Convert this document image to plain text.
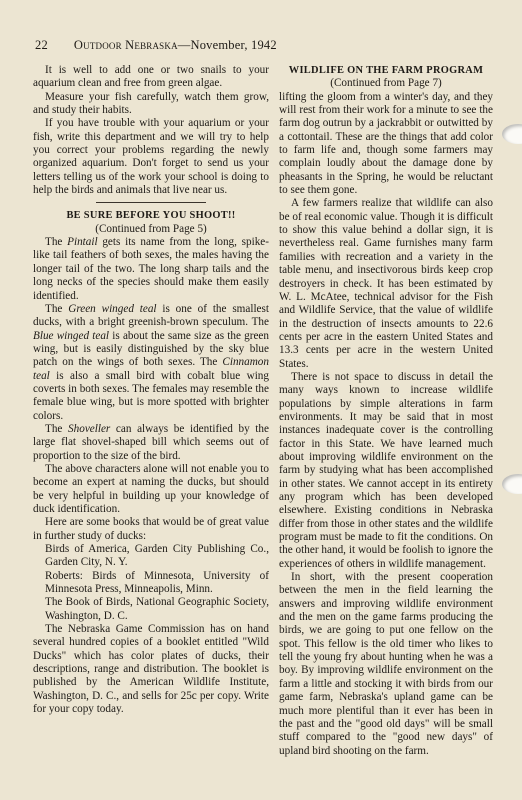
22 Outdoor Nebraska—November, 1942

It is well to add one or two snails to your aquarium clean and free from green algae.

Measure your fish carefully, watch them grow, and study their habits.

If you have trouble with your aquarium or your fish, write this department and we will try to help you correct your problems regarding the newly organized aquarium. Don't forget to send us your letters telling us of the work your school is doing to help the birds and animals that live near us.

BE SURE BEFORE YOU SHOOT!!

(Continued from Page 5)

The Pintail gets its name from the long, spike-like tail feathers of both sexes, the males having the longer tail of the two. The long sharp tails and the long necks of the species should make them easily identified.

The Green winged teal is one of the smallest ducks, with a bright greenish-brown speculum. The Blue winged teal is about the same size as the green wing, but is easily distinguished by the sky blue patch on the wings of both sexes. The Cinnamon teal is also a small bird with cobalt blue wing coverts in both sexes. The females may resemble the female blue wing, but is more spotted with brighter colors.

The Shoveller can always be identified by the large flat shovel-shaped bill which seems out of proportion to the size of the bird.

The above characters alone will not enable you to become an expert at naming the ducks, but should be very helpful in building up your knowledge of duck identification.

Here are some books that would be of great value in further study of ducks:

Birds of America, Garden City Publishing Co., Garden City, N. Y.

Roberts: Birds of Minnesota, University of Minnesota Press, Minneapolis, Minn.

The Book of Birds, National Geographic Society, Washington, D. C.

The Nebraska Game Commission has on hand several hundred copies of a booklet entitled "Wild Ducks" which has color plates of ducks, their descriptions, range and distribution. The booklet is published by the American Wildlife Institute, Washington, D. C., and sells for 25c per copy. Write for your copy today.

WILDLIFE ON THE FARM PROGRAM

(Continued from Page 7)

lifting the gloom from a winter's day, and they will rest from their work for a minute to see the farm dog outrun by a jackrabbit or outwitted by a cottontail. These are the things that add color to farm life and, though some farmers may complain loudly about the damage done by pheasants in the Spring, he would be reluctant to see them gone.

A few farmers realize that wildlife can also be of real economic value. Though it is difficult to show this value behind a dollar sign, it is nevertheless real. Game furnishes many farm families with recreation and a variety in the table menu, and insectivorous birds keep crop destroyers in check. It has been estimated by W. L. McAtee, technical advisor for the Fish and Wildlife Service, that the value of wildlife in the destruction of insects amounts to 22.6 cents per acre in the eastern United States and 13.3 cents per acre in the western United States.

There is not space to discuss in detail the many ways known to increase wildlife populations by simple alterations in farm environments. It may be said that in most instances inadequate cover is the controlling factor in this State. We have learned much about improving wildlife environment on the farm by studying what has been accomplished in other states. We cannot accept in its entirety any program which has been developed elsewhere. Existing conditions in Nebraska differ from those in other states and the wildlife program must be made to fit the conditions. On the other hand, it would be foolish to ignore the experiences of others in wildlife management.

In short, with the present cooperation between the men in the field learning the answers and improving wildlife environment and the men on the game farms producing the birds, we are going to put one fellow on the spot. This fellow is the old timer who likes to tell the young fry about hunting when he was a boy. By improving wildlife environment on the farm a little and stocking it with birds from our game farm, Nebraska's upland game can be much more plentiful than it ever has been in the past and the "good old days" will be small stuff compared to the "good new days" of upland bird shooting on the farm.
